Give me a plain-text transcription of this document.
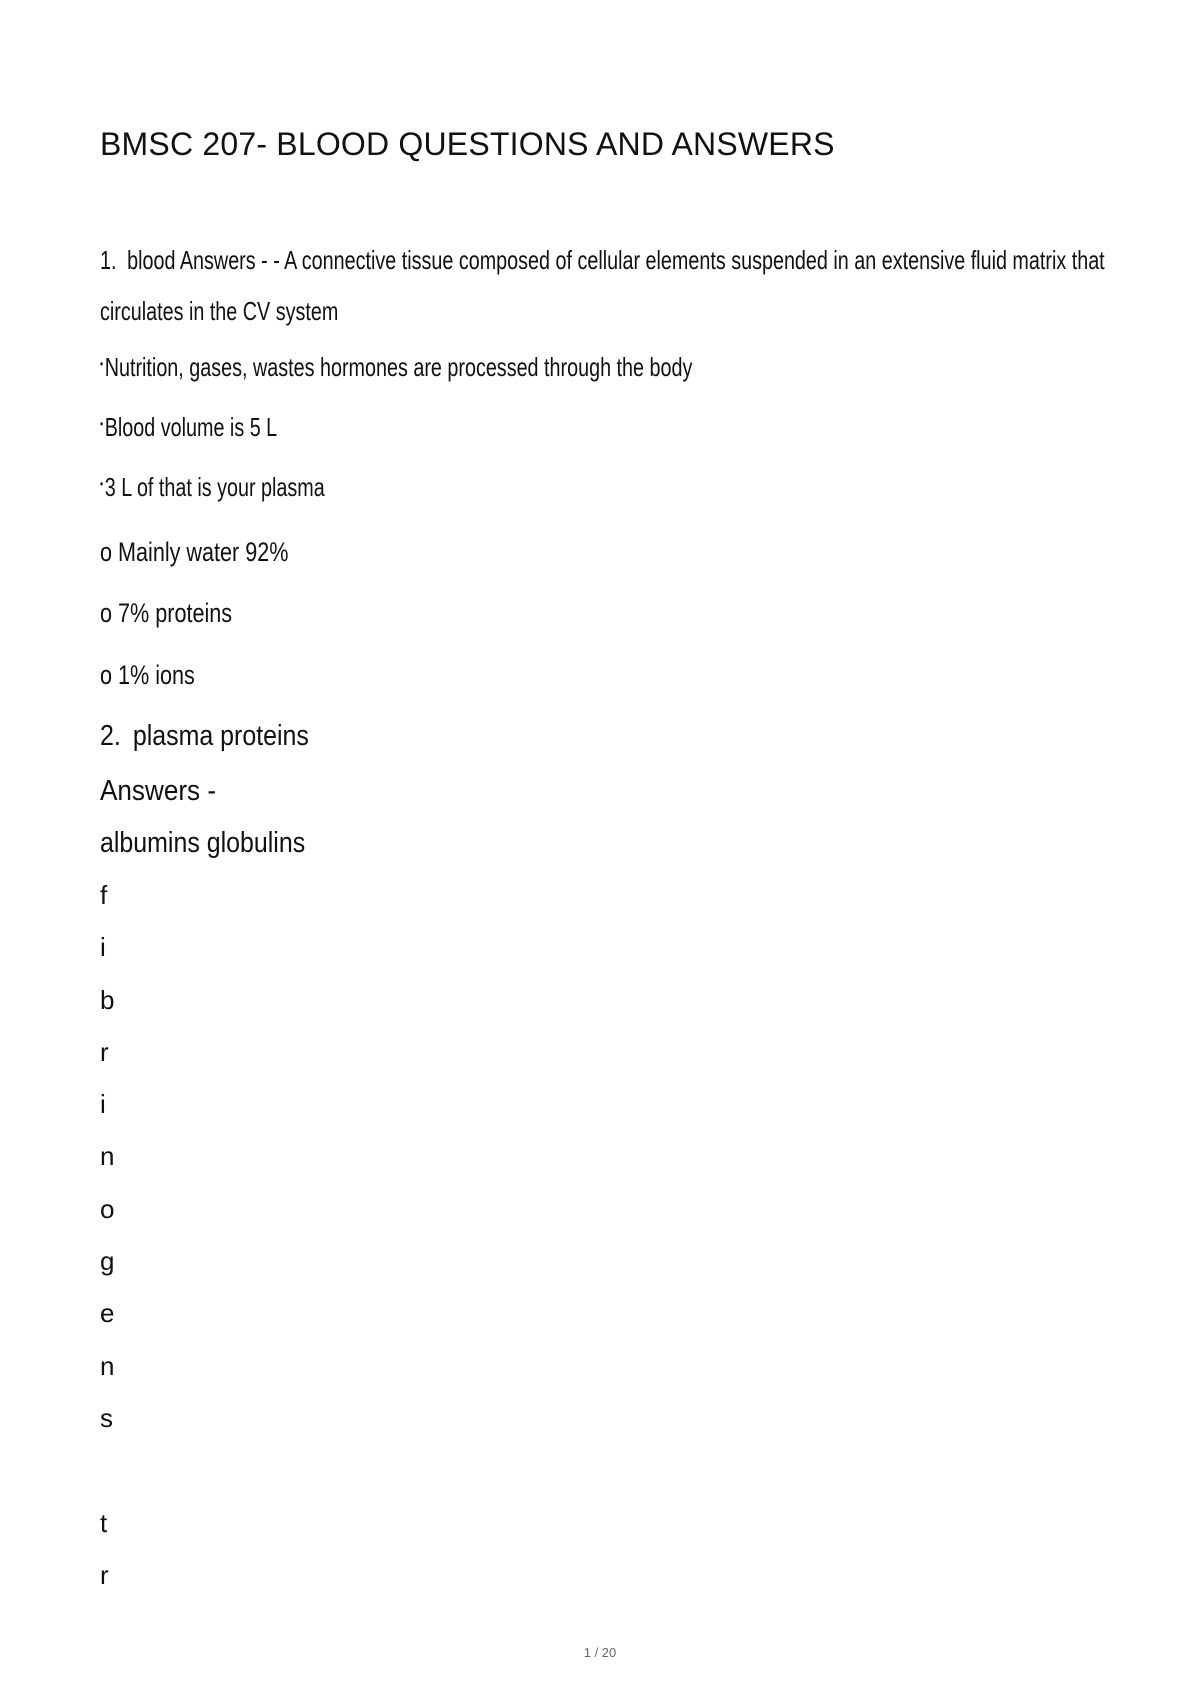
BMSC 207- BLOOD QUESTIONS AND ANSWERS
1. blood Answers - - A connective tissue composed of cellular elements suspended in an extensive fluid matrix that
circulates in the CV system
•Nutrition, gases, wastes hormones are processed through the body
•Blood volume is 5 L
•3 L of that is your plasma
o Mainly water 92%
o 7% proteins
o 1% ions
2. plasma proteins
Answers -
albumins globulins
f
i
b
r
i
n
o
g
e
n
s
t
r
1 / 20
